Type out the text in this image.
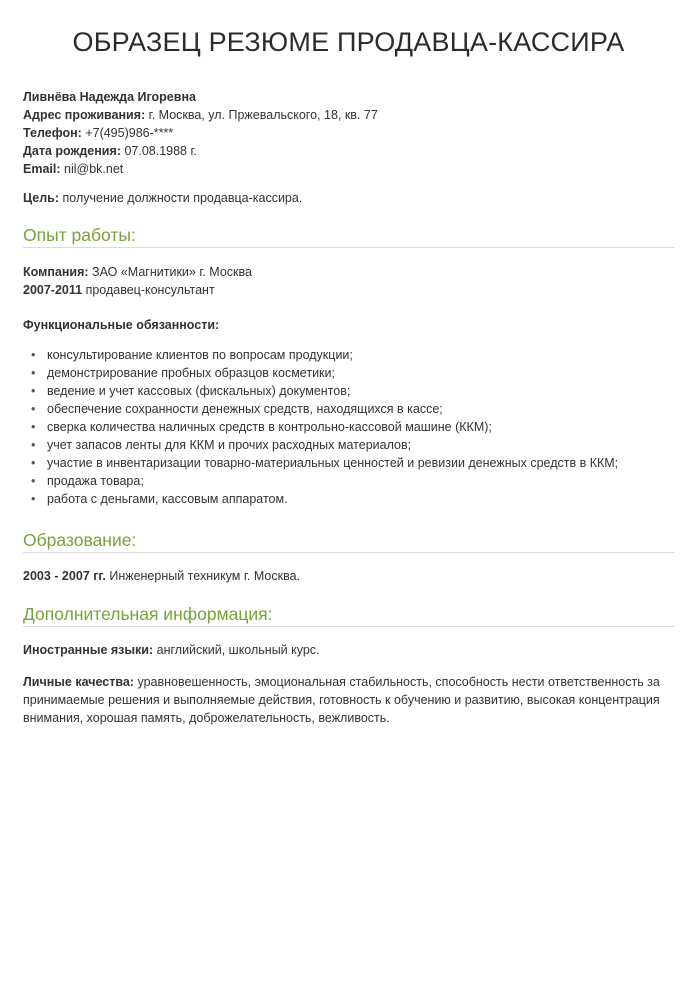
ОБРАЗЕЦ РЕЗЮМЕ ПРОДАВЦА-КАССИРА
Ливнёва Надежда Игоревна
Адрес проживания: г. Москва, ул. Пржевальского, 18, кв. 77
Телефон: +7(495)986-****
Дата рождения: 07.08.1988 г.
Email: nil@bk.net
Цель: получение должности продавца-кассира.
Опыт работы:
Компания: ЗАО «Магнитики» г. Москва
2007-2011 продавец-консультант
Функциональные обязанности:
• консультирование клиентов по вопросам продукции;
• демонстрирование пробных образцов косметики;
• ведение и учет кассовых (фискальных) документов;
• обеспечение сохранности денежных средств, находящихся в кассе;
• сверка количества наличных средств в контрольно-кассовой машине (ККМ);
• учет запасов ленты для ККМ и прочих расходных материалов;
• участие в инвентаризации товарно-материальных ценностей и ревизии денежных средств в ККМ;
• продажа товара;
• работа с деньгами, кассовым аппаратом.
Образование:
2003 - 2007 гг. Инженерный техникум г. Москва.
Дополнительная информация:
Иностранные языки: английский, школьный курс.
Личные качества: уравновешенность, эмоциональная стабильность, способность нести ответственность за принимаемые решения и выполняемые действия, готовность к обучению и развитию, высокая концентрация внимания, хорошая память, доброжелательность, вежливость.
